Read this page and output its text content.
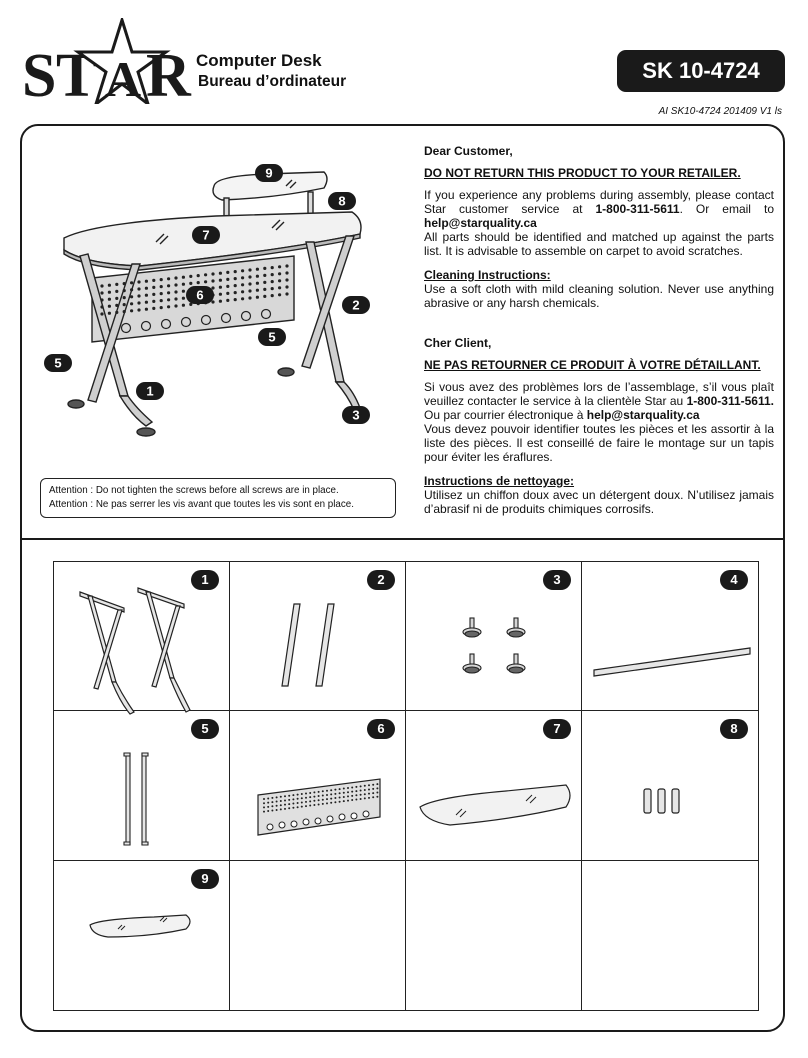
S T A R Computer Desk
Bureau d’ordinateur	SK 10-4724
AI SK10-4724 201409 V1 ls
9
8
7
6
2
5
5
1
3
Attention : Do not tighten the screws before all screws are in place.
Attention : Ne pas serrer les vis avant que toutes les vis sont en place.

Dear Customer,

DO NOT RETURN THIS PRODUCT TO YOUR RETAILER.

If you experience any problems during assembly, please contact Star customer service at 1-800-311-5611. Or email to help@starquality.ca

All parts should be identified and matched up against the parts list. It is advisable to assemble on carpet to avoid scratches.

Cleaning Instructions:

Use a soft cloth with mild cleaning solution. Never use anything abrasive or any harsh chemicals.

Cher Client,

NE PAS RETOURNER CE PRODUIT À VOTRE DÉTAILLANT.

Si vous avez des problèmes lors de l’assemblage, s’il vous plaît veuillez contacter le service à la clientèle Star au 1-800-311-5611. Ou par courrier électronique à help@starquality.ca

Vous devez pouvoir identifier toutes les pièces et les assortir à la liste des pièces. Il est conseillé de faire le montage sur un tapis pour éviter les éraflures.

Instructions de nettoyage:

Utilisez un chiffon doux avec un détergent doux. N’utilisez jamais d’abrasif ni de produits chimiques corrosifs.

1	2	3	4
5	6	7	8
9
